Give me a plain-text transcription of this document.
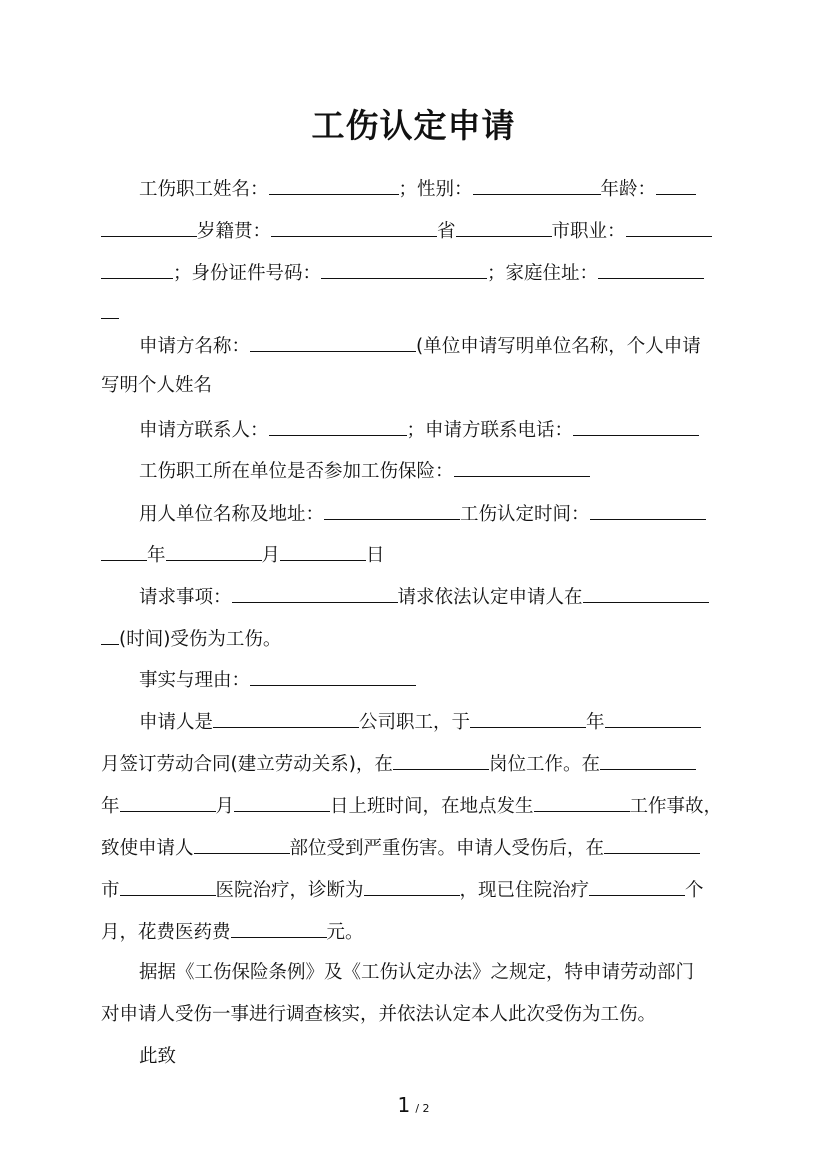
工伤认定申请
工伤职工姓名：	；性别：	年龄：
岁籍贯：	省	市职业：
；身份证件号码：	；家庭住址：
申请方名称：	(单位申请写明单位名称，个人申请
写明个人姓名
申请方联系人：	；申请方联系电话：
工伤职工所在单位是否参加工伤保险：
用人单位名称及地址：	工伤认定时间：
年	月	日
请求事项：	请求依法认定申请人在
(时间)受伤为工伤。
事实与理由：
申请人是	公司职工，于	年
月签订劳动合同(建立劳动关系)，在	岗位工作。在
年	月	日上班时间，在地点发生	工作事故，
致使申请人	部位受到严重伤害。申请人受伤后，在
市	医院治疗，诊断为	，现已住院治疗	个
月，花费医药费	元。
据据《工伤保险条例》及《工伤认定办法》之规定，特申请劳动部门
对申请人受伤一事进行调查核实，并依法认定本人此次受伤为工伤。
此致
1 / 2
